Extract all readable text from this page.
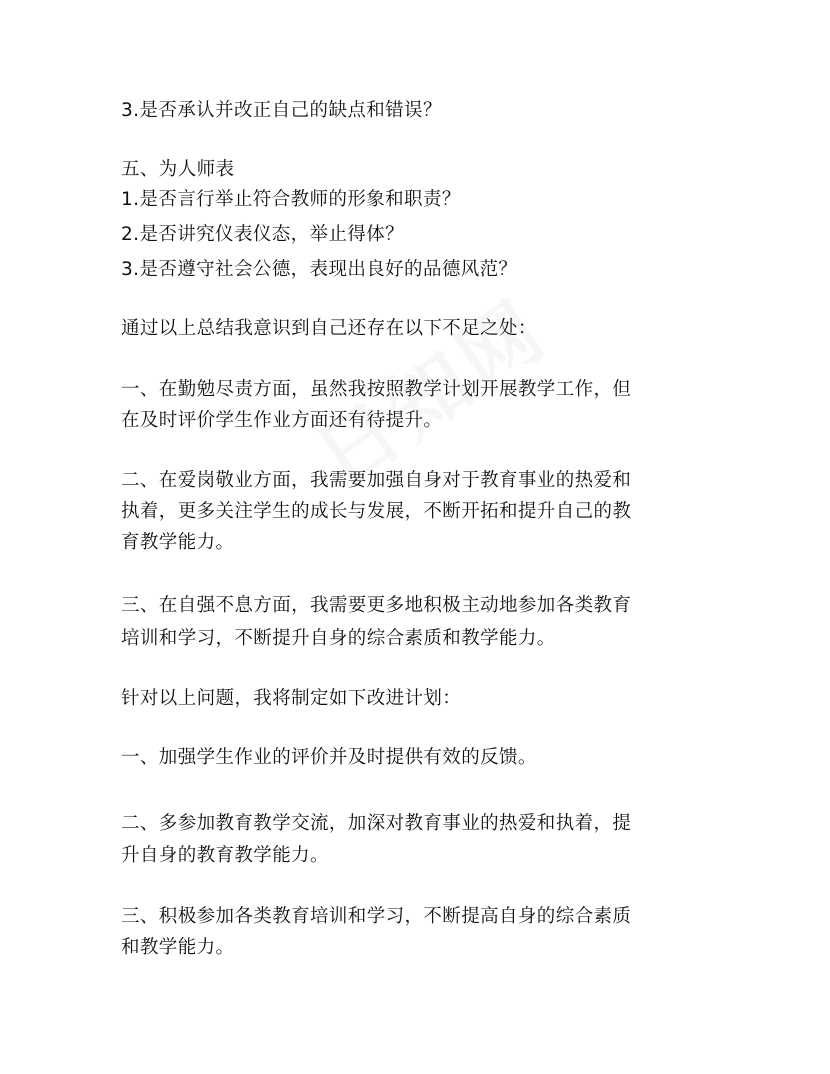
3.是否承认并改正自己的缺点和错误？
五、为人师表
1.是否言行举止符合教师的形象和职责？
2.是否讲究仪表仪态，举止得体？
3.是否遵守社会公德，表现出良好的品德风范？
通过以上总结我意识到自己还存在以下不足之处：
一、在勤勉尽责方面，虽然我按照教学计划开展教学工作，但
在及时评价学生作业方面还有待提升。
二、在爱岗敬业方面，我需要加强自身对于教育事业的热爱和
执着，更多关注学生的成长与发展，不断开拓和提升自己的教
育教学能力。
三、在自强不息方面，我需要更多地积极主动地参加各类教育
培训和学习，不断提升自身的综合素质和教学能力。
针对以上问题，我将制定如下改进计划：
一、加强学生作业的评价并及时提供有效的反馈。
二、多参加教育教学交流，加深对教育事业的热爱和执着，提
升自身的教育教学能力。
三、积极参加各类教育培训和学习，不断提高自身的综合素质
和教学能力。
